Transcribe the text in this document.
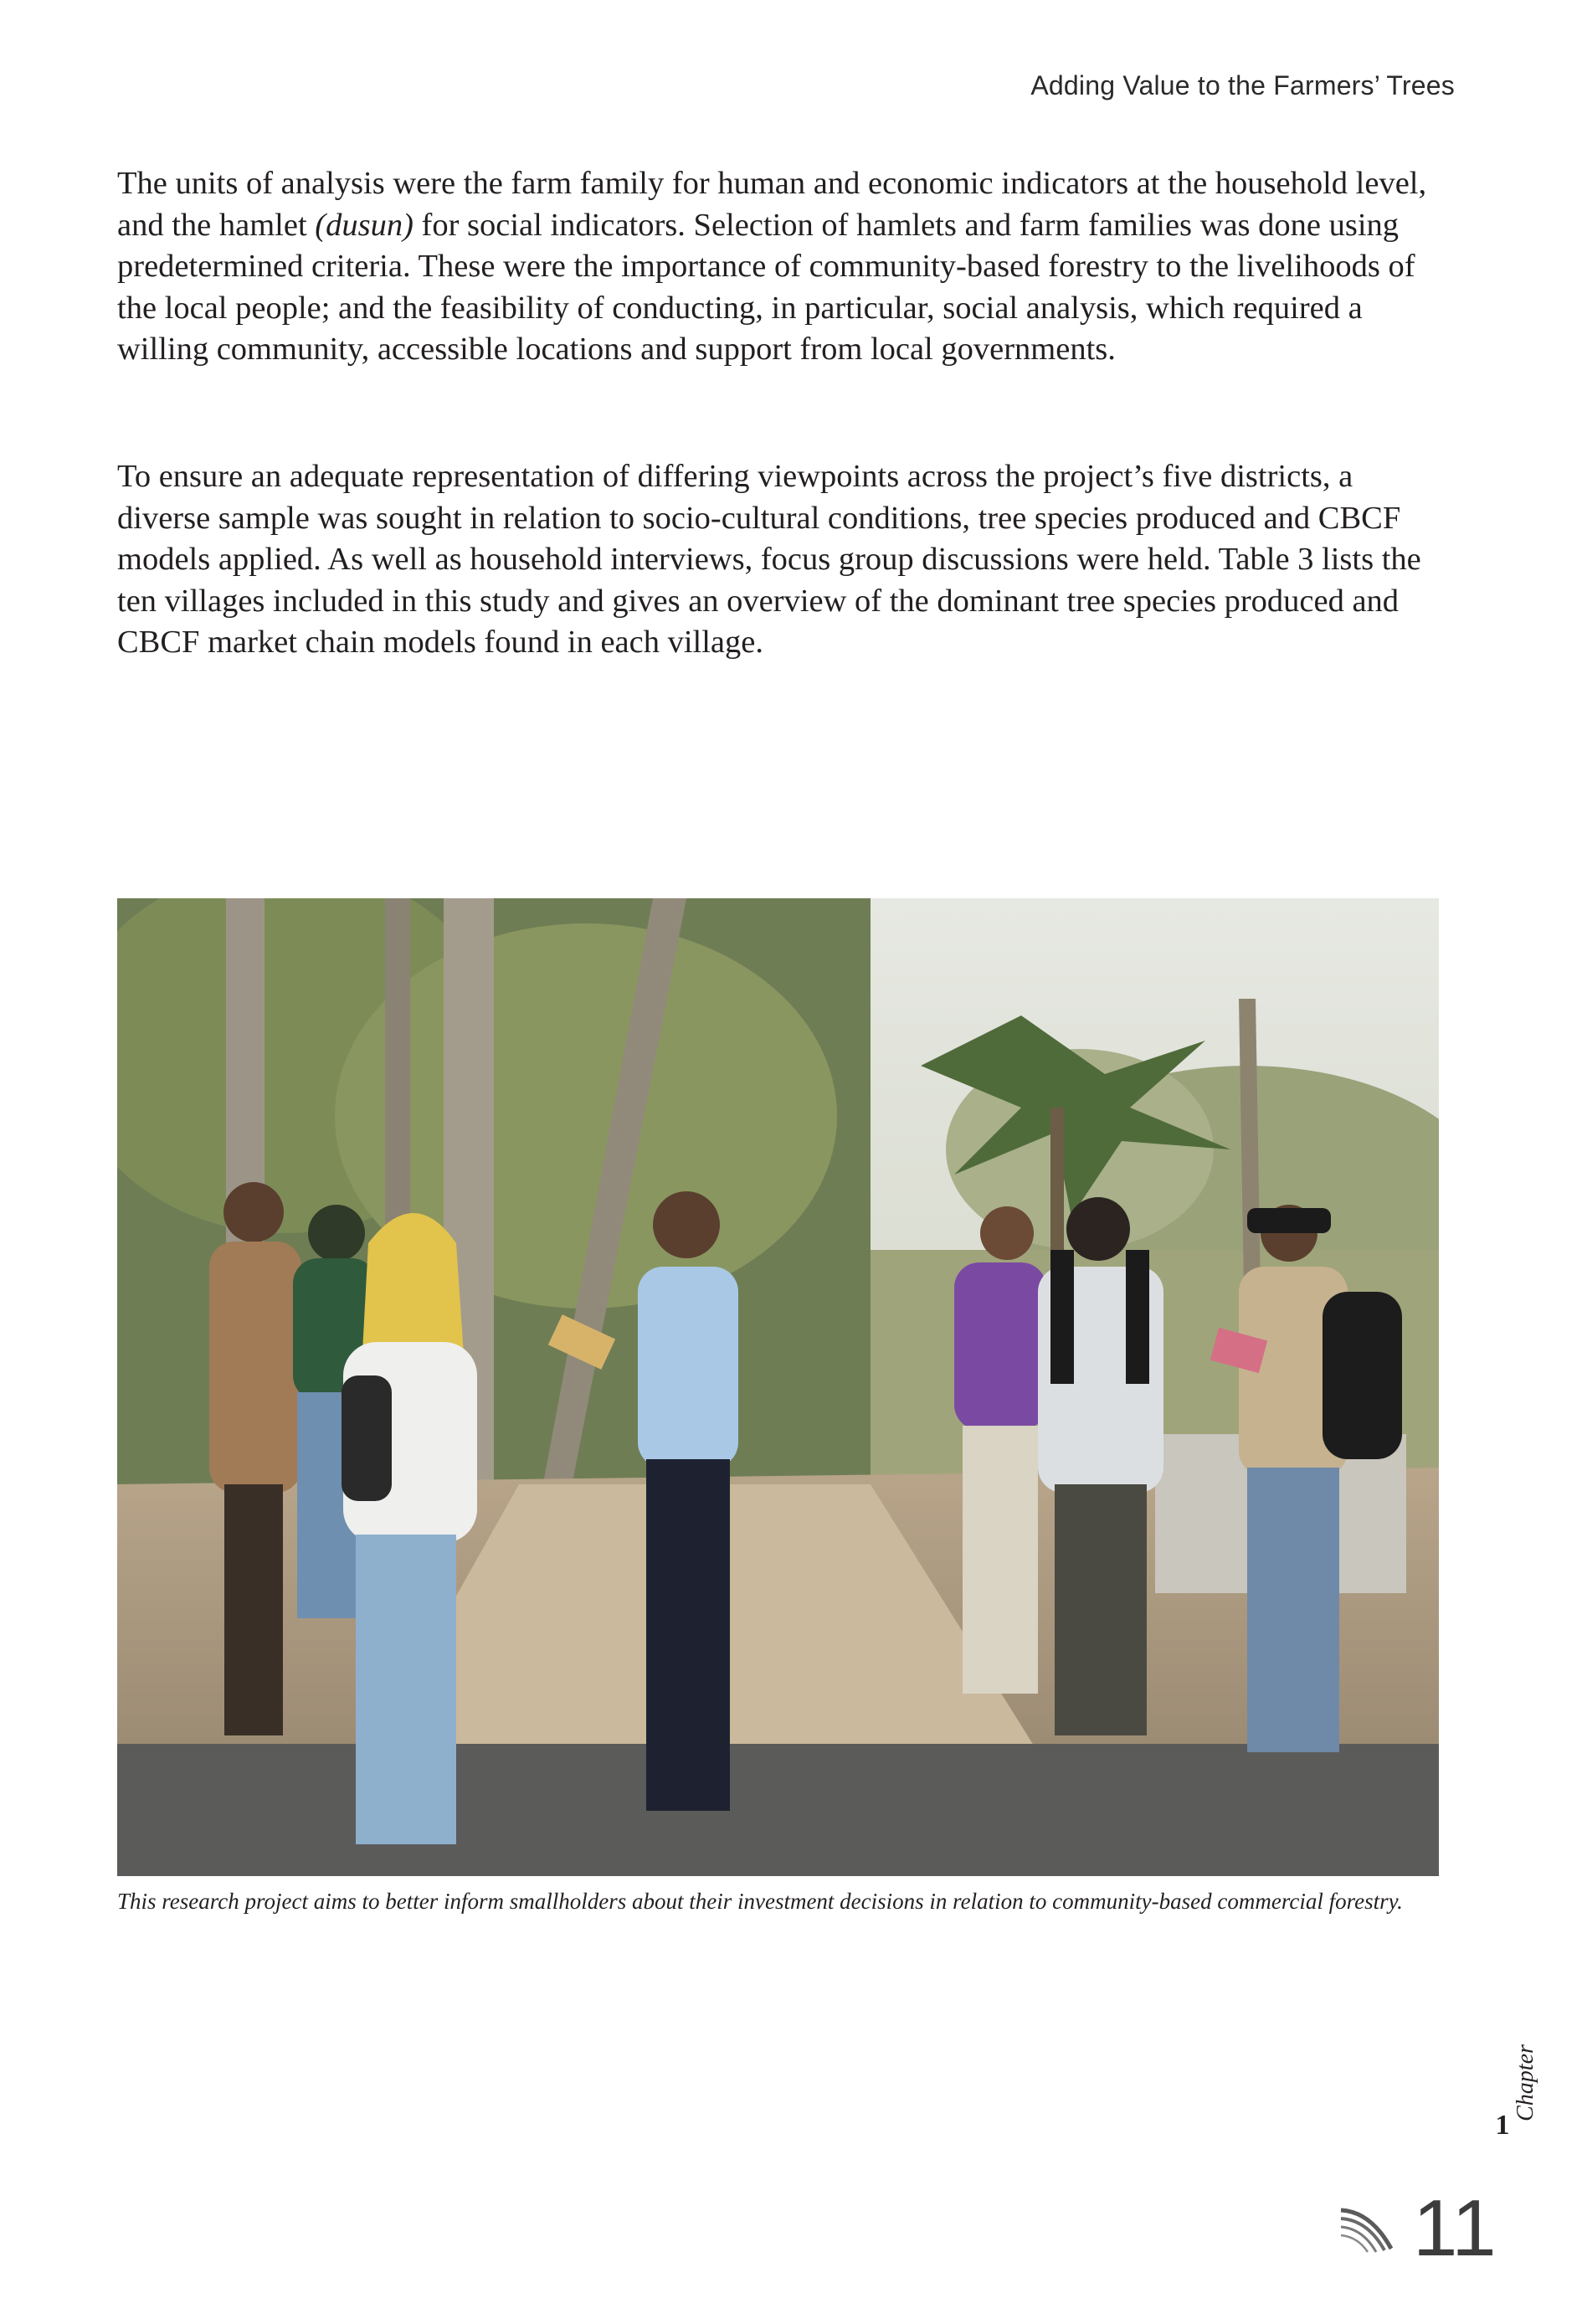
Adding Value to the Farmers’ Trees

The units of analysis were the farm family for human and economic indicators at the household level, and the hamlet (dusun) for social indicators. Selection of hamlets and farm families was done using predetermined criteria. These were the importance of community-based forestry to the livelihoods of the local people; and the feasibility of conducting, in particular, social analysis, which required a willing community, accessible locations and support from local governments.

To ensure an adequate representation of differing viewpoints across the project’s five districts, a diverse sample was sought in relation to socio-cultural conditions, tree species produced and CBCF models applied. As well as household interviews, focus group discussions were held. Table 3 lists the ten villages included in this study and gives an overview of the dominant tree species produced and CBCF market chain models found in each village.

This research project aims to better inform smallholders about their investment decisions in relation to community-based commercial forestry.

Chapter
1
11
